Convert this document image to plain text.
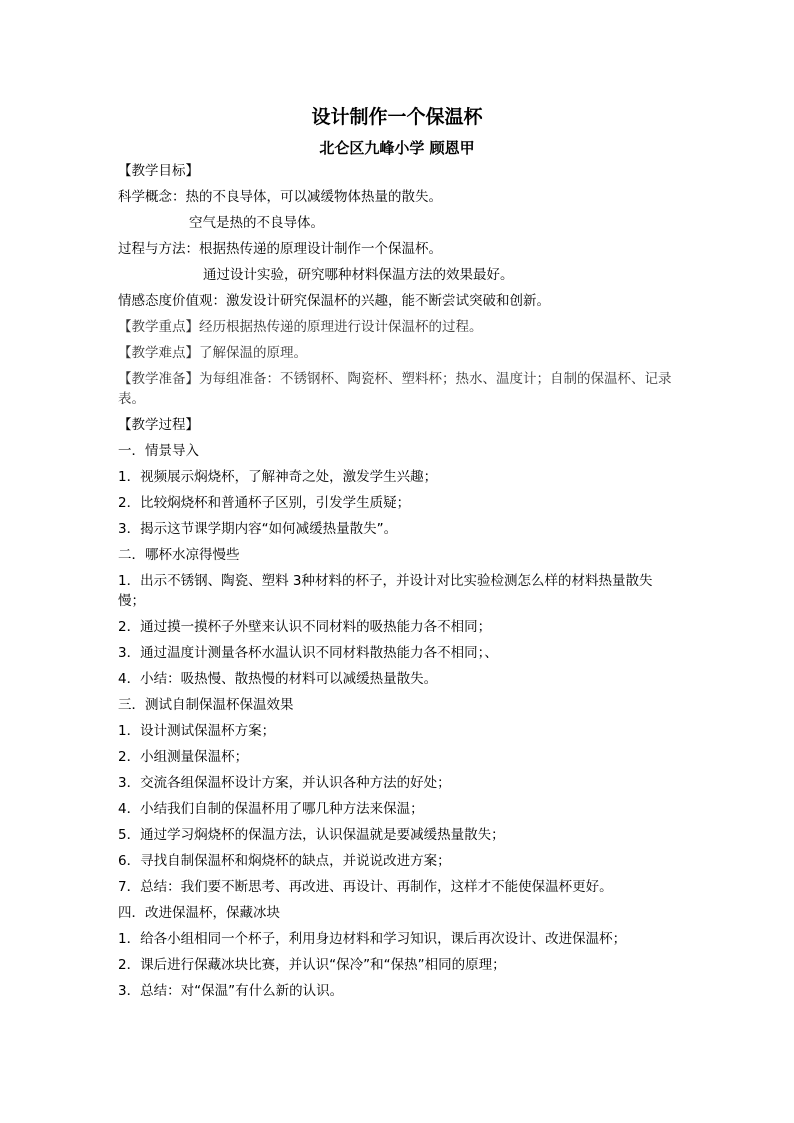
设计制作一个保温杯
北仑区九峰小学 顾恩甲
【教学目标】
科学概念：热的不良导体，可以减缓物体热量的散失。
空气是热的不良导体。
过程与方法：根据热传递的原理设计制作一个保温杯。
通过设计实验，研究哪种材料保温方法的效果最好。
情感态度价值观：激发设计研究保温杯的兴趣，能不断尝试突破和创新。
【教学重点】经历根据热传递的原理进行设计保温杯的过程。
【教学难点】了解保温的原理。
【教学准备】为每组准备：不锈钢杯、陶瓷杯、塑料杯；热水、温度计；自制的保温杯、记录表。
【教学过程】
一．情景导入
1．视频展示焖烧杯，了解神奇之处，激发学生兴趣；
2．比较焖烧杯和普通杯子区别，引发学生质疑；
3．揭示这节课学期内容“如何减缓热量散失”。
二．哪杯水凉得慢些
1．出示不锈钢、陶瓷、塑料 3种材料的杯子，并设计对比实验检测怎么样的材料热量散失慢；
2．通过摸一摸杯子外壁来认识不同材料的吸热能力各不相同；
3．通过温度计测量各杯水温认识不同材料散热能力各不相同；、
4．小结：吸热慢、散热慢的材料可以减缓热量散失。
三．测试自制保温杯保温效果
1．设计测试保温杯方案；
2．小组测量保温杯；
3．交流各组保温杯设计方案，并认识各种方法的好处；
4．小结我们自制的保温杯用了哪几种方法来保温；
5．通过学习焖烧杯的保温方法，认识保温就是要减缓热量散失；
6．寻找自制保温杯和焖烧杯的缺点，并说说改进方案；
7．总结：我们要不断思考、再改进、再设计、再制作，这样才不能使保温杯更好。
四．改进保温杯，保藏冰块
1．给各小组相同一个杯子，利用身边材料和学习知识，课后再次设计、改进保温杯；
2．课后进行保藏冰块比赛，并认识“保冷”和“保热”相同的原理；
3．总结：对“保温”有什么新的认识。
